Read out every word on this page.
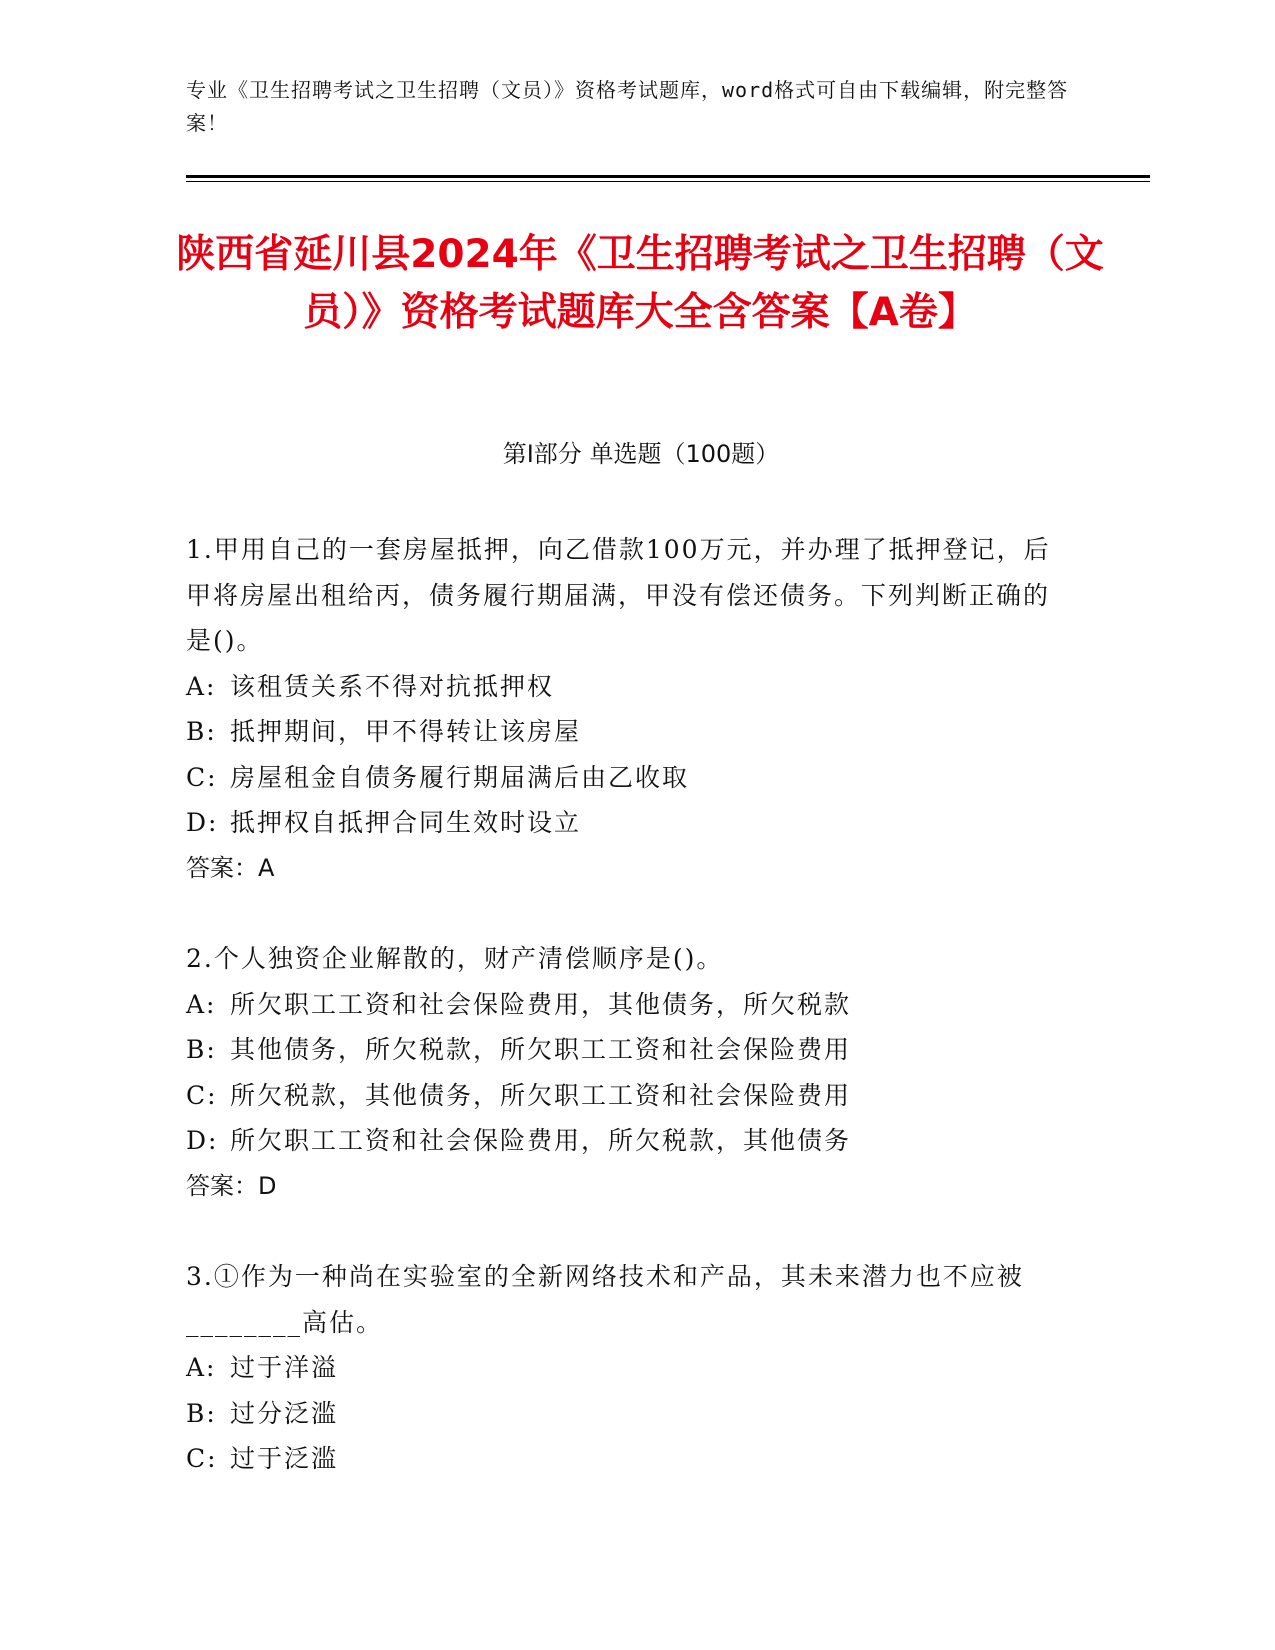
专业《卫生招聘考试之卫生招聘（文员）》资格考试题库，word格式可自由下载编辑，附完整答案！
陕西省延川县2024年《卫生招聘考试之卫生招聘（文员）》资格考试题库大全含答案【A卷】
第I部分 单选题（100题）

1.甲用自己的一套房屋抵押，向乙借款100万元，并办理了抵押登记，后甲将房屋出租给丙，债务履行期届满，甲没有偿还债务。下列判断正确的是()。

A: 该租赁关系不得对抗抵押权

B: 抵押期间，甲不得转让该房屋

C: 房屋租金自债务履行期届满后由乙收取

D: 抵押权自抵押合同生效时设立

答案：A

2.个人独资企业解散的，财产清偿顺序是()。

A: 所欠职工工资和社会保险费用，其他债务，所欠税款

B: 其他债务，所欠税款，所欠职工工资和社会保险费用

C: 所欠税款，其他债务，所欠职工工资和社会保险费用

D: 所欠职工工资和社会保险费用，所欠税款，其他债务

答案：D

3.①作为一种尚在实验室的全新网络技术和产品，其未来潜力也不应被________高估。

A: 过于洋溢

B: 过分泛滥

C: 过于泛滥
